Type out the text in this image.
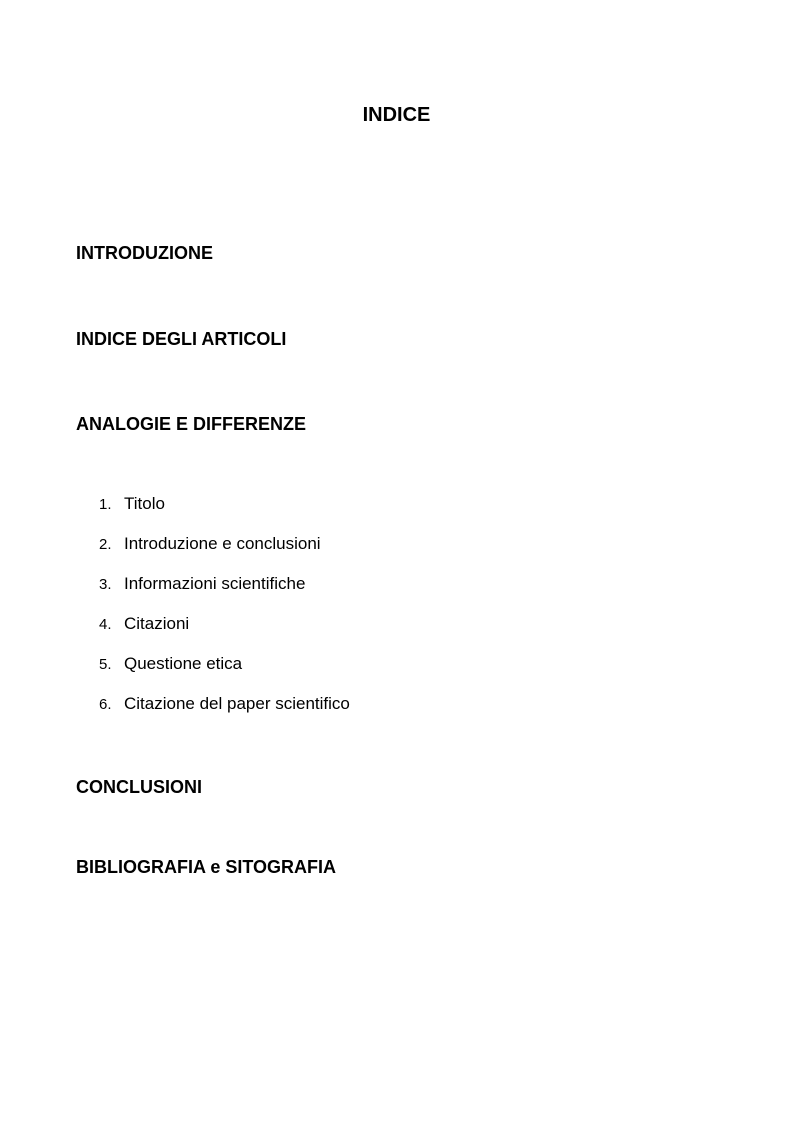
INDICE
INTRODUZIONE
INDICE DEGLI ARTICOLI
ANALOGIE E DIFFERENZE
1. Titolo
2. Introduzione e conclusioni
3. Informazioni scientifiche
4. Citazioni
5. Questione etica
6. Citazione del paper scientifico
CONCLUSIONI
BIBLIOGRAFIA e SITOGRAFIA
